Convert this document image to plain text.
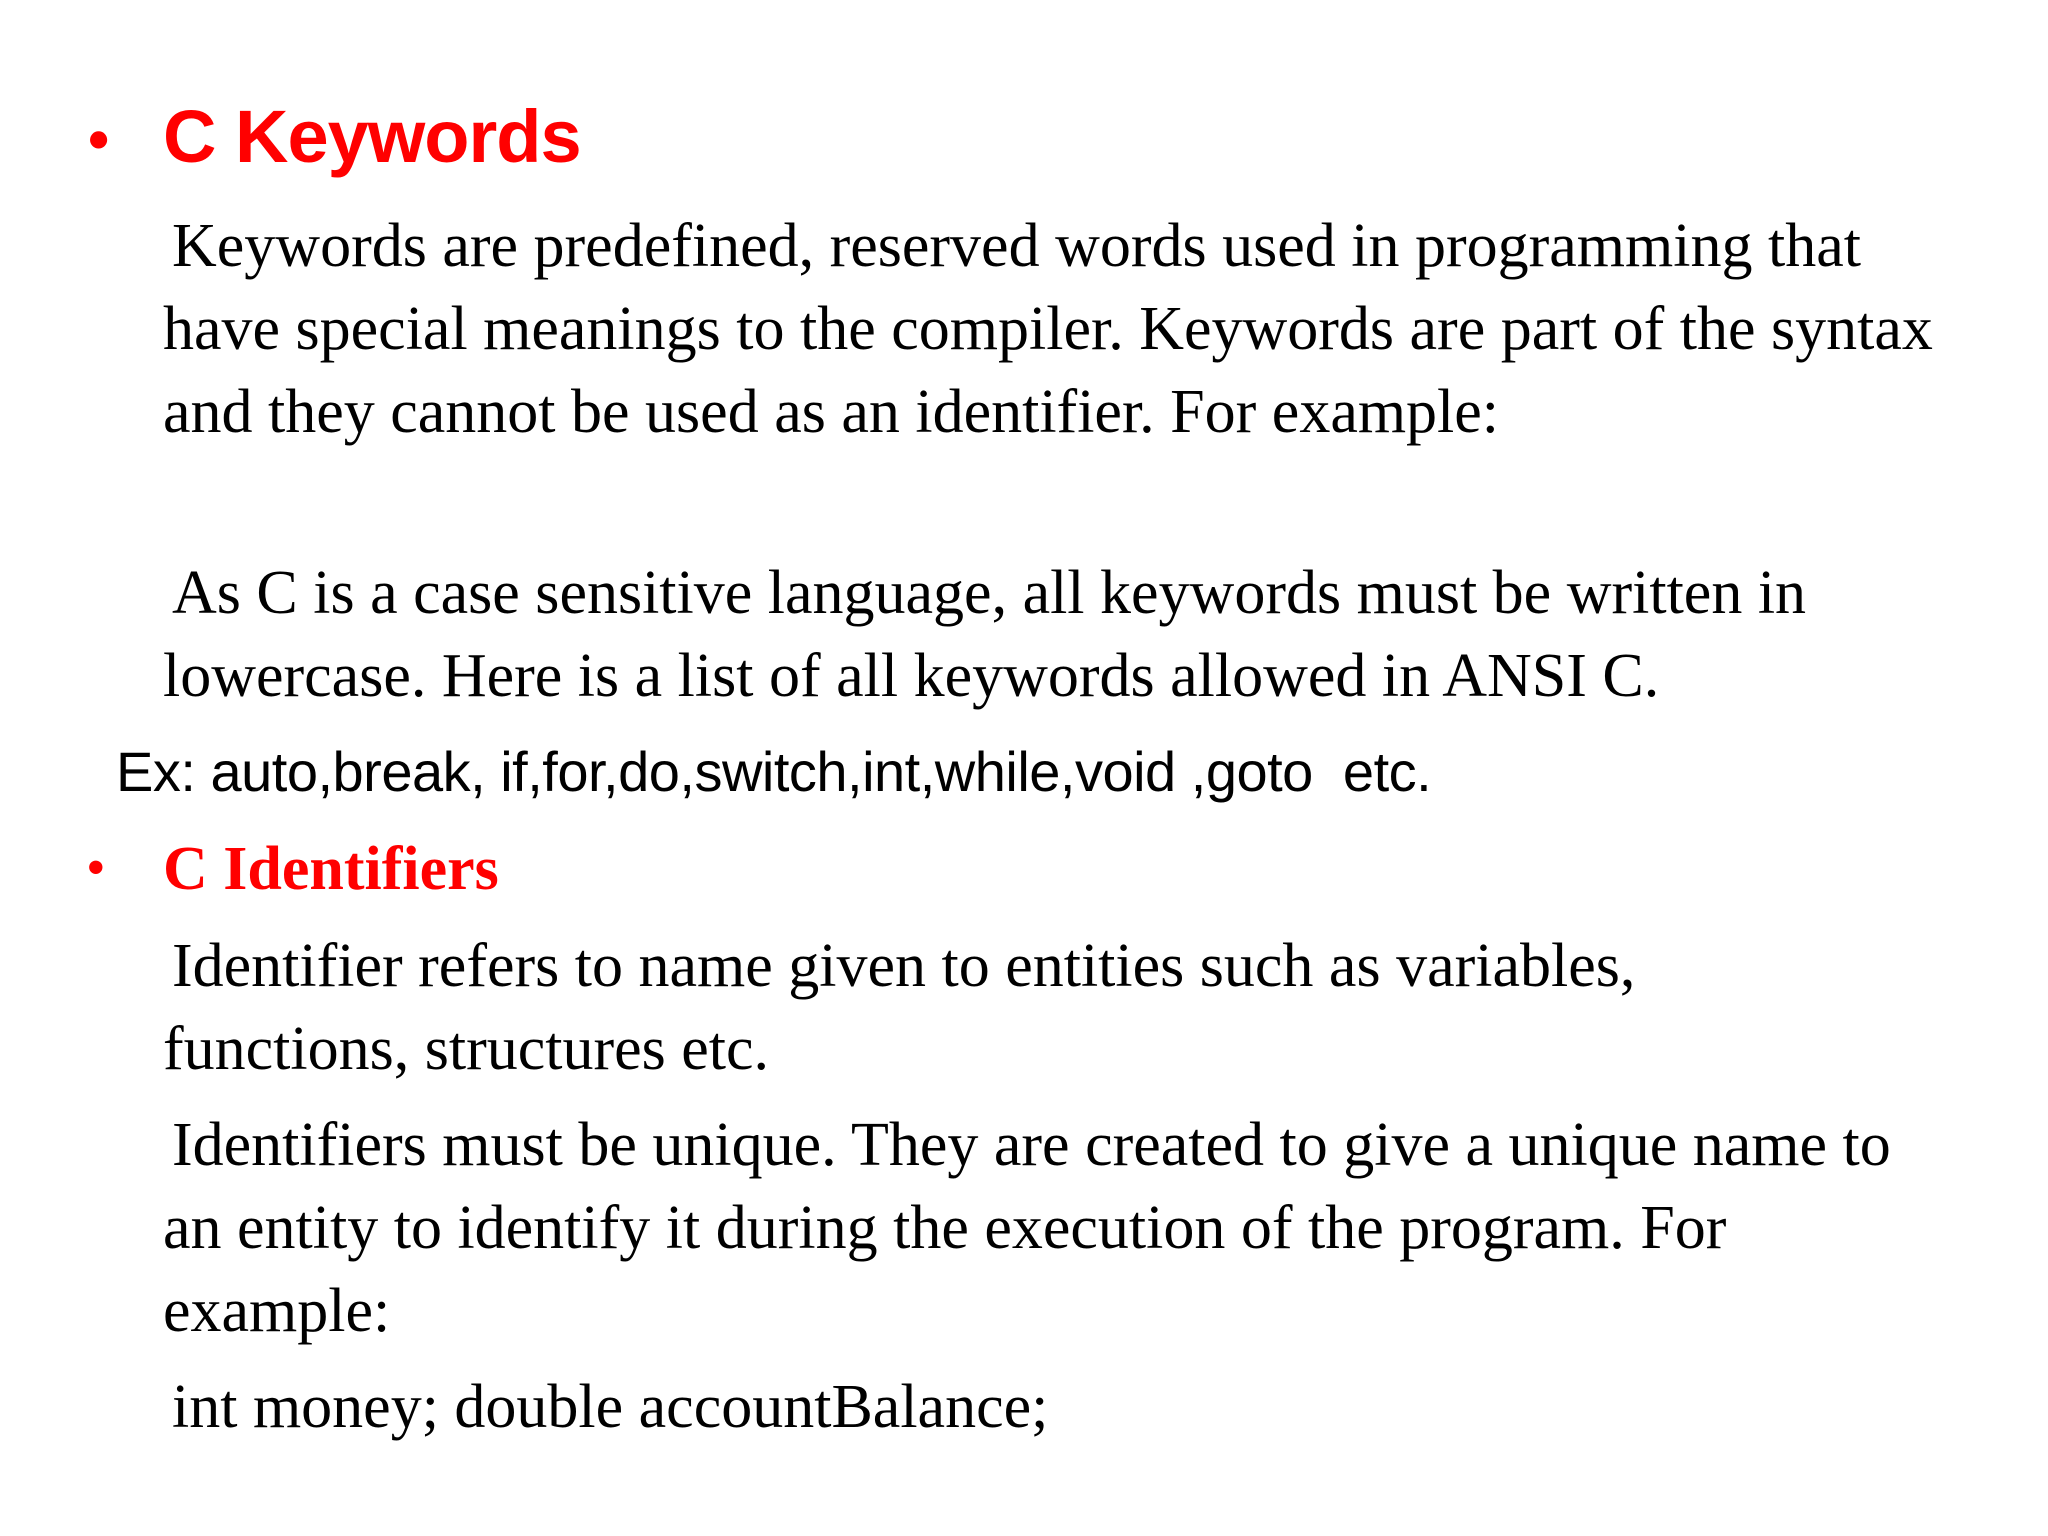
• C Keywords

Keywords are predefined, reserved words used in programming that have special meanings to the compiler. Keywords are part of the syntax and they cannot be used as an identifier. For example:

As C is a case sensitive language, all keywords must be written in lowercase. Here is a list of all keywords allowed in ANSI C.

Ex: auto,break, if,for,do,switch,int,while,void ,goto  etc.
• C Identifiers

Identifier refers to name given to entities such as variables, functions, structures etc.

Identifiers must be unique. They are created to give a unique name to an entity to identify it during the execution of the program. For example:

int money; double accountBalance;
